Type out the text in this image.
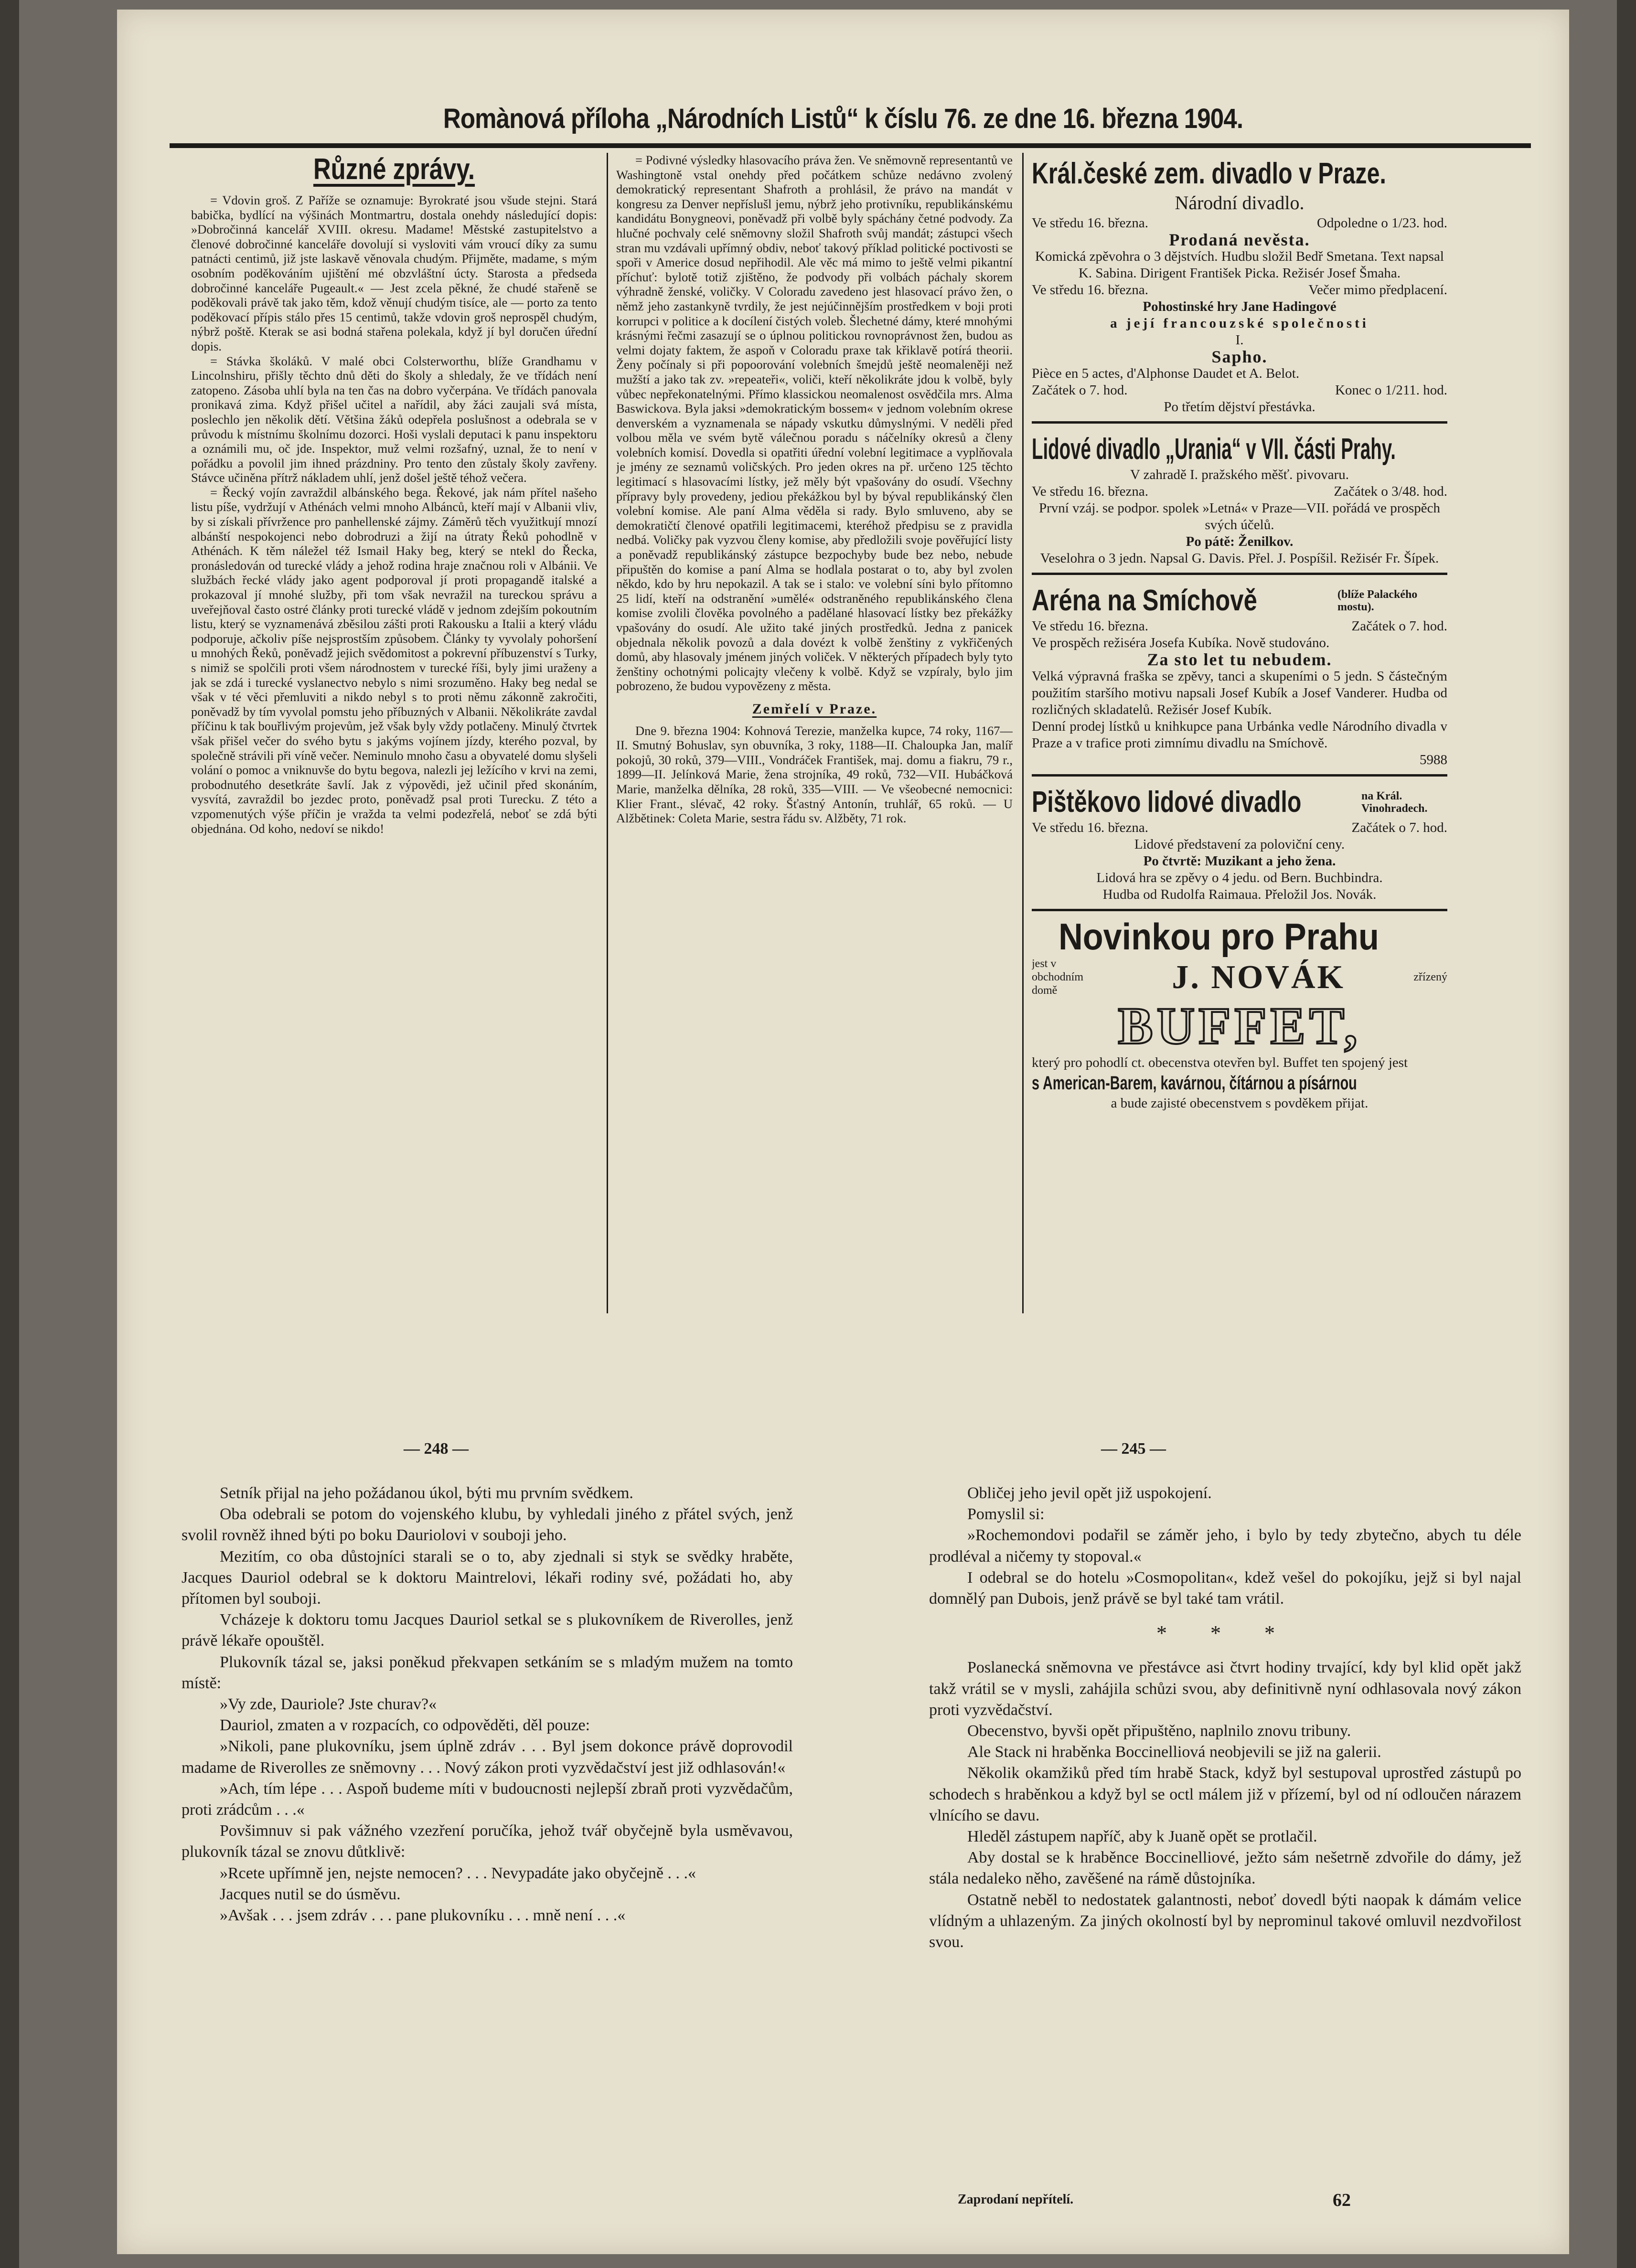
Romànová příloha „Národních Listů“ k číslu 76. ze dne 16. března 1904.
Různé zprávy.

= Vdovin groš. Z Paříže se oznamuje: Byrokraté jsou všude stejni. Stará babička, bydlící na výšinách Montmartru, dostala onehdy následující dopis: »Dobročinná kancelář XVIII. okresu. Madame! Městské zastupitelstvo a členové dobročinné kanceláře dovolují si vysloviti vám vroucí díky za sumu patnácti centimů, již jste laskavě věnovala chudým. Přijměte, madame, s mým osobním poděkováním ujištění mé obzvláštní úcty. Starosta a předseda dobročinné kanceláře Pugeault.« — Jest zcela pěkné, že chudé stařeně se poděkovali právě tak jako těm, kdož věnují chudým tisíce, ale — porto za tento poděkovací přípis stálo přes 15 centimů, takže vdovin groš neprospěl chudým, nýbrž poště. Kterak se asi bodná stařena polekala, když jí byl doručen úřední dopis.

= Stávka školáků. V malé obci Colsterworthu, blíže Grandhamu v Lincolnshiru, přišly těchto dnů děti do školy a shledaly, že ve třídách není zatopeno. Zásoba uhlí byla na ten čas na dobro vyčerpána. Ve třídách panovala pronikavá zima. Když přišel učitel a nařídil, aby žáci zaujali svá místa, poslechlo jen několik dětí. Většina žáků odepřela poslušnost a odebrala se v průvodu k místnímu školnímu dozorci. Hoši vyslali deputaci k panu inspektoru a oznámili mu, oč jde. Inspektor, muž velmi rozšafný, uznal, že to není v pořádku a povolil jim ihned prázdniny. Pro tento den zůstaly školy zavřeny. Stávce učiněna přítrž nákladem uhlí, jenž došel ještě téhož večera.

= Řecký vojín zavraždil albánského bega. Řekové, jak nám přítel našeho listu píše, vydržují v Athénách velmi mnoho Albánců, kteří mají v Albanii vliv, by si získali přívržence pro panhellenské zájmy. Záměrů těch využitkují mnozí albánští nespokojenci nebo dobrodruzi a žijí na útraty Řeků pohodlně v Athénách. K těm náležel též Ismail Haky beg, který se ntekl do Řecka, pronásledován od turecké vlády a jehož rodina hraje značnou roli v Albánii. Ve službách řecké vlády jako agent podporoval jí proti propagandě italské a prokazoval jí mnohé služby, při tom však nevražil na tureckou správu a uveřejňoval často ostré články proti turecké vládě v jednom zdejším pokoutním listu, který se vyznamenává zběsilou zášti proti Rakousku a Italii a který vládu podporuje, ačkoliv píše nejsprostším způsobem. Články ty vyvolaly pohoršení u mnohých Řeků, poněvadž jejich svědomitost a pokrevní příbuzenství s Turky, s nimiž se spolčili proti všem národnostem v turecké říši, byly jimi uraženy a jak se zdá i turecké vyslanectvo nebylo s nimi srozuměno. Haky beg nedal se však v té věci přemluviti a nikdo nebyl s to proti němu zákonně zakročiti, poněvadž by tím vyvolal pomstu jeho příbuzných v Albanii. Několikráte zavdal příčinu k tak bouřlivým projevům, jež však byly vždy potlačeny. Minulý čtvrtek však přišel večer do svého bytu s jakýms vojínem jízdy, kterého pozval, by společně strávili při víně večer. Neminulo mnoho času a obyvatelé domu slyšeli volání o pomoc a vniknuvše do bytu begova, nalezli jej ležícího v krvi na zemi, probodnutého desetkráte šavlí. Jak z výpovědi, jež učinil před skonáním, vysvítá, zavraždil bo jezdec proto, poněvadž psal proti Turecku. Z této a vzpomenutých výše příčin je vražda ta velmi podezřelá, neboť se zdá býti objednána. Od koho, nedoví se nikdo!

= Podivné výsledky hlasovacího práva žen. Ve sněmovně representantů ve Washingtoně vstal onehdy před počátkem schůze nedávno zvolený demokratický representant Shafroth a prohlásil, že právo na mandát v kongresu za Denver nepříslušl jemu, nýbrž jeho protivníku, republikánskému kandidátu Bonygneovi, poněvadž při volbě byly spáchány četné podvody. Za hlučné pochvaly celé sněmovny složil Shafroth svůj mandát; zástupci všech stran mu vzdávali upřímný obdiv, neboť takový příklad politické poctivosti se spoři v Americe dosud nepřihodil. Ale věc má mimo to ještě velmi pikantní příchuť: bylotě totiž zjištěno, že podvody při volbách páchaly skorem výhradně ženské, voličky. V Coloradu zavedeno jest hlasovací právo žen, o němž jeho zastankyně tvrdily, že jest nejúčinnějším prostředkem v boji proti korrupci v politice a k docílení čistých voleb. Šlechetné dámy, které mnohými krásnými řečmi zasazují se o úplnou politickou rovnoprávnost žen, budou as velmi dojaty faktem, že aspoň v Coloradu praxe tak křiklavě potírá theorii. Ženy počínaly si při popoorování volebních šmejdů ještě neomaleněji než mužští a jako tak zv. »repeateři«, voliči, kteří několikráte jdou k volbě, byly vůbec nepřekonatelnými. Přímo klassickou neomalenost osvědčila mrs. Alma Baswickova. Byla jaksi »demokratickým bossem« v jednom volebním okrese denverském a vyznamenala se nápady vskutku důmyslnými. V neděli před volbou měla ve svém bytě válečnou poradu s náčelníky okresů a členy volebních komisí. Dovedla si opatřiti úřední volební legitimace a vyplňovala je jmény ze seznamů voličských. Pro jeden okres na př. určeno 125 těchto legitimací s hlasovacími lístky, jež měly být vpašovány do osudí. Všechny přípravy byly provedeny, jediou překážkou byl by býval republikánský člen volební komise. Ale paní Alma věděla si rady. Bylo smluveno, aby se demokratičtí členové opatřili legitimacemi, kteréhož předpisu se z pravidla nedbá. Voličky pak vyzvou členy komise, aby předložili svoje pověřující listy a poněvadž republikánský zástupce bezpochyby bude bez nebo, nebude připuštěn do komise a paní Alma se hodlala postarat o to, aby byl zvolen někdo, kdo by hru nepokazil. A tak se i stalo: ve volební síni bylo přítomno 25 lidí, kteří na odstranění »umělé« odstraněného republikánského člena komise zvolili člověka povolného a padělané hlasovací lístky bez překážky vpašovány do osudí. Ale užito také jiných prostředků. Jedna z panicek objednala několik povozů a dala dovézt k volbě ženštiny z vykřičených domů, aby hlasovaly jménem jiných voliček. V některých případech byly tyto ženštiny ochotnými policajty vlečeny k volbě. Když se vzpíraly, bylo jim pobrozeno, že budou vypovězeny z města.

Zemřelí v Praze.

Dne 9. března 1904: Kohnová Terezie, manželka kupce, 74 roky, 1167—II. Smutný Bohuslav, syn obuvníka, 3 roky, 1188—II. Chaloupka Jan, malíř pokojů, 30 roků, 379—VIII., Vondráček František, maj. domu a fiakru, 79 r., 1899—II. Jelínková Marie, žena strojníka, 49 roků, 732—VII. Hubáčková Marie, manželka dělníka, 28 roků, 335—VIII. — Ve všeobecné nemocnici: Klier Frant., slévač, 42 roky. Šťastný Antonín, truhlář, 65 roků. — U Alžbětinek: Coleta Marie, sestra řádu sv. Alžběty, 71 rok.

Král.české zem. divadlo v Praze.
Národní divadlo.
Ve středu 16. března.	Odpoledne o 1/23. hod.
Prodaná nevěsta.
Komická zpěvohra o 3 dějstvích. Hudbu složil Bedř Smetana. Text napsal K. Sabina. Dirigent František Picka. Režisér Josef Šmaha.
Ve středu 16. března.	Večer mimo předplacení.
Pohostinské hry Jane Hadingové
a její francouzské společnosti
I.
Sapho.
Pièce en 5 actes, d'Alphonse Daudet et A. Belot.
Začátek o 7. hod.	Konec o 1/211. hod.
Po třetím dějství přestávka.
Lidové divadlo „Urania“ v VII. části Prahy.
V zahradě I. pražského měšť. pivovaru.
Ve středu 16. března.	Začátek o 3/48. hod.
První vzáj. se podpor. spolek »Letná« v Praze—VII. pořádá ve prospěch svých účelů.
Po pátě: Ženilkov.
Veselohra o 3 jedn. Napsal G. Davis. Přel. J. Pospíšil. Režisér Fr. Šípek.
Aréna na Smíchově	(blíže Palackého mostu).
Ve středu 16. března.	Začátek o 7. hod.
Ve prospěch režiséra Josefa Kubíka. Nově studováno.
Za sto let tu nebudem.
Velká výpravná fraška se zpěvy, tanci a skupeními o 5 jedn. S částečným použitím staršího motivu napsali Josef Kubík a Josef Vanderer. Hudba od rozličných skladatelů. Režisér Josef Kubík.
Denní prodej lístků u knihkupce pana Urbánka vedle Národního divadla v Praze a v trafice proti zimnímu divadlu na Smíchově.
5988
Pištěkovo lidové divadlo	na Král. Vinohradech.
Ve středu 16. března.	Začátek o 7. hod.
Lidové představení za poloviční ceny.
Po čtvrtě: Muzikant a jeho žena.
Lidová hra se zpěvy o 4 jedu. od Bern. Buchbindra.
Hudba od Rudolfa Raimaua. Přeložil Jos. Novák.
Novinkou pro Prahu
jest v obchodním domě	J. NOVÁK	zřízený
BUFFET,
který pro pohodlí ct. obecenstva otevřen byl. Buffet ten spojený jest
s American-Barem, kavárnou, čítárnou a písárnou
a bude zajisté obecenstvem s povděkem přijat.
— 248 —

Setník přijal na jeho požádanou úkol, býti mu prvním svědkem.

Oba odebrali se potom do vojenského klubu, by vyhledali jiného z přátel svých, jenž svolil rovněž ihned býti po boku Dauriolovi v souboji jeho.

Mezitím, co oba důstojníci starali se o to, aby zjednali si styk se svědky hraběte, Jacques Dauriol odebral se k doktoru Maintrelovi, lékaři rodiny své, požádati ho, aby přítomen byl souboji.

Vcházeje k doktoru tomu Jacques Dauriol setkal se s plukovníkem de Riverolles, jenž právě lékaře opouštěl.

Plukovník tázal se, jaksi poněkud překvapen setkáním se s mladým mužem na tomto místě:

»Vy zde, Dauriole? Jste churav?«

Dauriol, zmaten a v rozpacích, co odpověděti, děl pouze:

»Nikoli, pane plukovníku, jsem úplně zdráv . . . Byl jsem dokonce právě doprovodil madame de Riverolles ze sněmovny . . . Nový zákon proti vyzvědačství jest již odhlasován!«

»Ach, tím lépe . . . Aspoň budeme míti v budoucnosti nejlepší zbraň proti vyzvědačům, proti zrádcům . . .«

Povšimnuv si pak vážného vzezření poručíka, jehož tvář obyčejně byla usměvavou, plukovník tázal se znovu důtklivě:

»Rcete upřímně jen, nejste nemocen? . . . Nevypadáte jako obyčejně . . .«

Jacques nutil se do úsměvu.

»Avšak . . . jsem zdráv . . . pane plukovníku . . . mně není . . .«

— 245 —

Obličej jeho jevil opět již uspokojení.

Pomyslil si:

»Rochemondovi podařil se záměr jeho, i bylo by tedy zbytečno, abych tu déle prodléval a ničemy ty stopoval.«

I odebral se do hotelu »Cosmopolitan«, kdež vešel do pokojíku, jejž si byl najal domnělý pan Dubois, jenž právě se byl také tam vrátil.

* * *

Poslanecká sněmovna ve přestávce asi čtvrt hodiny trvající, kdy byl klid opět jakž takž vrátil se v mysli, zahájila schůzi svou, aby definitivně nyní odhlasovala nový zákon proti vyzvědačství.

Obecenstvo, byvši opět připuštěno, naplnilo znovu tribuny.

Ale Stack ni hraběnka Boccinelliová neobjevili se již na galerii.

Několik okamžiků před tím hrabě Stack, když byl sestupoval uprostřed zástupů po schodech s hraběnkou a když byl se octl málem již v přízemí, byl od ní odloučen nárazem vlnícího se davu.

Hleděl zástupem napříč, aby k Juaně opět se protlačil.

Aby dostal se k hraběnce Boccinelliové, ježto sám nešetrně zdvořile do dámy, jež stála nedaleko něho, zavěšené na rámě důstojníka.

Ostatně neběl to nedostatek galantnosti, neboť dovedl býti naopak k dámám velice vlídným a uhlazeným. Za jiných okolností byl by neprominul takové omluvil nezdvořilost svou.

Zaprodaní nepřítelí.	62
